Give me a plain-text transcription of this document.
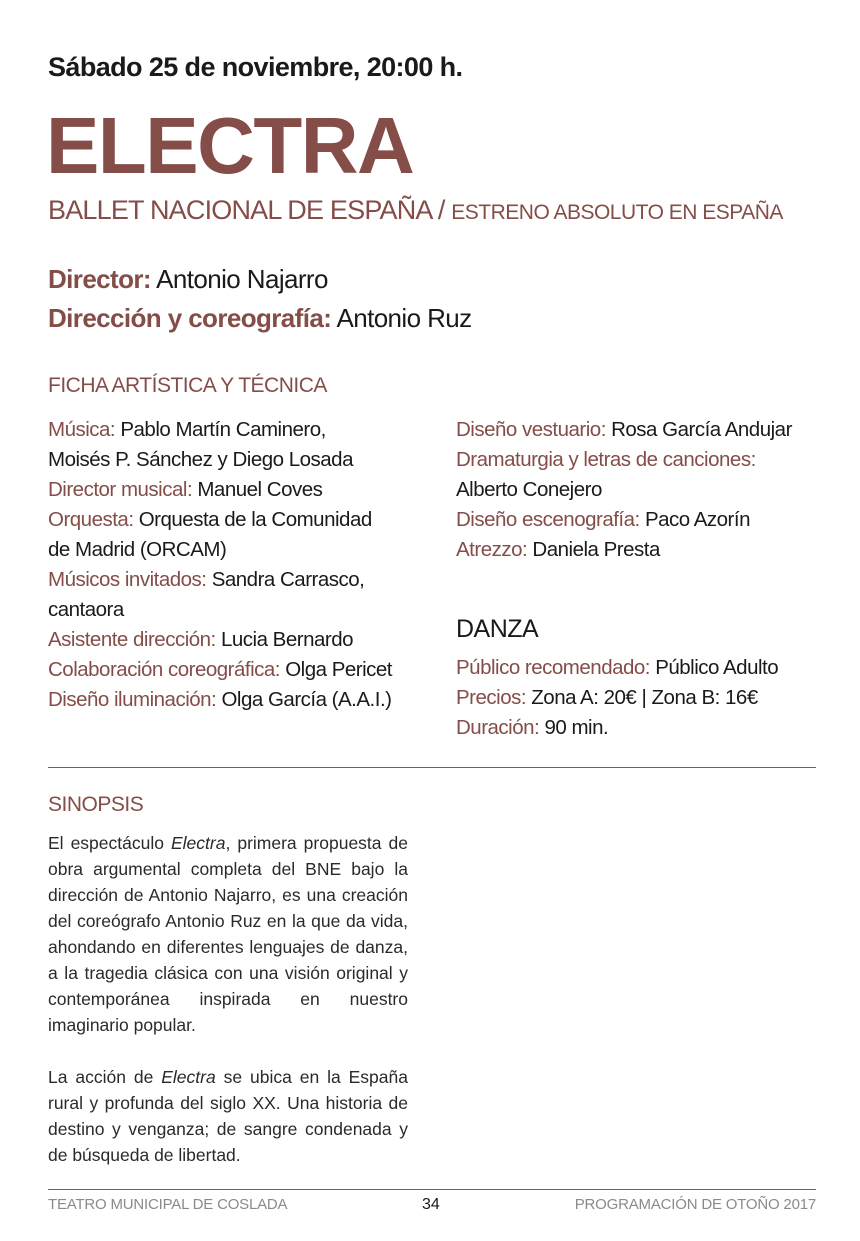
Sábado 25 de noviembre, 20:00 h.
ELECTRA
BALLET NACIONAL DE ESPAÑA / ESTRENO ABSOLUTO EN ESPAÑA
Director: Antonio Najarro
Dirección y coreografía: Antonio Ruz
FICHA ARTÍSTICA Y TÉCNICA
Música: Pablo Martín Caminero,
Moisés P. Sánchez y Diego Losada
Director musical: Manuel Coves
Orquesta: Orquesta de la Comunidad
de Madrid (ORCAM)
Músicos invitados: Sandra Carrasco,
cantaora
Asistente dirección: Lucia Bernardo
Colaboración coreográfica: Olga Pericet
Diseño iluminación: Olga García (A.A.I.)
Diseño vestuario: Rosa García Andujar
Dramaturgia y letras de canciones:
Alberto Conejero
Diseño escenografía: Paco Azorín
Atrezzo: Daniela Presta
DANZA
Público recomendado: Público Adulto
Precios: Zona A: 20€ | Zona B: 16€
Duración: 90 min.
SINOPSIS

El espectáculo Electra, primera propuesta de obra argumental completa del BNE bajo la dirección de Antonio Najarro, es una creación del coreógrafo Antonio Ruz en la que da vida, ahondando en diferentes lenguajes de danza, a la tragedia clásica con una visión original y contemporánea inspirada en nuestro imaginario popular.

La acción de Electra se ubica en la España rural y profunda del siglo XX. Una historia de destino y venganza; de sangre condenada y de búsqueda de libertad.

TEATRO MUNICIPAL DE COSLADA	34	PROGRAMACIÓN DE OTOÑO 2017
